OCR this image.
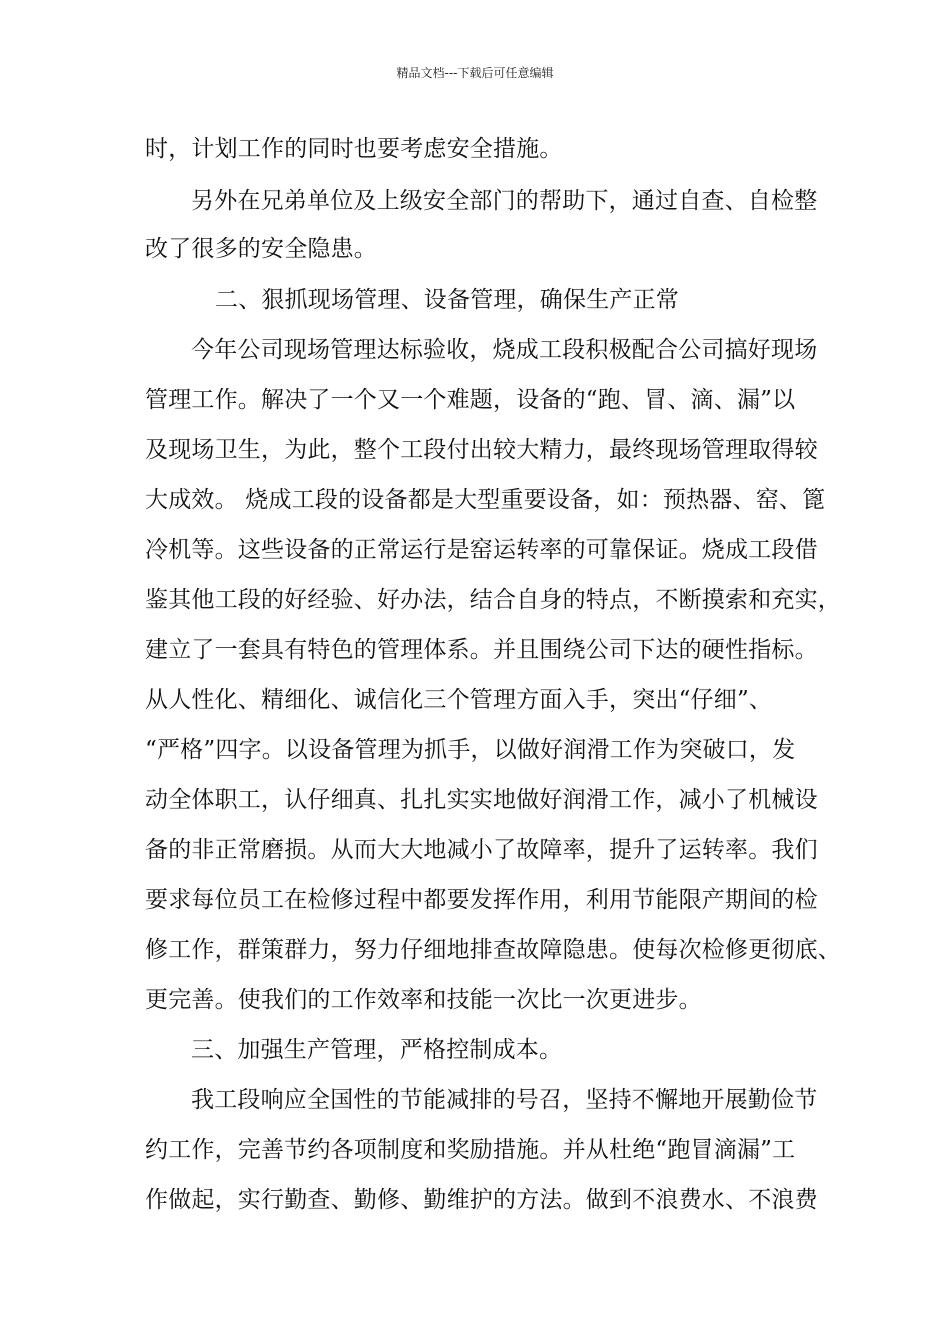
精品文档---下载后可任意编辑
时，计划工作的同时也要考虑安全措施。
另外在兄弟单位及上级安全部门的帮助下，通过自查、自检整
改了很多的安全隐患。
二、狠抓现场管理、设备管理，确保生产正常
今年公司现场管理达标验收，烧成工段积极配合公司搞好现场
管理工作。解决了一个又一个难题，设备的“跑、冒、滴、漏”以
及现场卫生，为此，整个工段付出较大精力，最终现场管理取得较
大成效。 烧成工段的设备都是大型重要设备，如：预热器、窑、篦
冷机等。这些设备的正常运行是窑运转率的可靠保证。烧成工段借
鉴其他工段的好经验、好办法，结合自身的特点，不断摸索和充实，
建立了一套具有特色的管理体系。并且围绕公司下达的硬性指标。
从人性化、精细化、诚信化三个管理方面入手，突出“仔细”、
“严格”四字。以设备管理为抓手，以做好润滑工作为突破口，发
动全体职工，认仔细真、扎扎实实地做好润滑工作，减小了机械设
备的非正常磨损。从而大大地减小了故障率，提升了运转率。我们
要求每位员工在检修过程中都要发挥作用，利用节能限产期间的检
修工作，群策群力，努力仔细地排查故障隐患。使每次检修更彻底、
更完善。使我们的工作效率和技能一次比一次更进步。
三、加强生产管理，严格控制成本。
我工段响应全国性的节能减排的号召，坚持不懈地开展勤俭节
约工作，完善节约各项制度和奖励措施。并从杜绝“跑冒滴漏”工
作做起，实行勤查、勤修、勤维护的方法。做到不浪费水、不浪费
